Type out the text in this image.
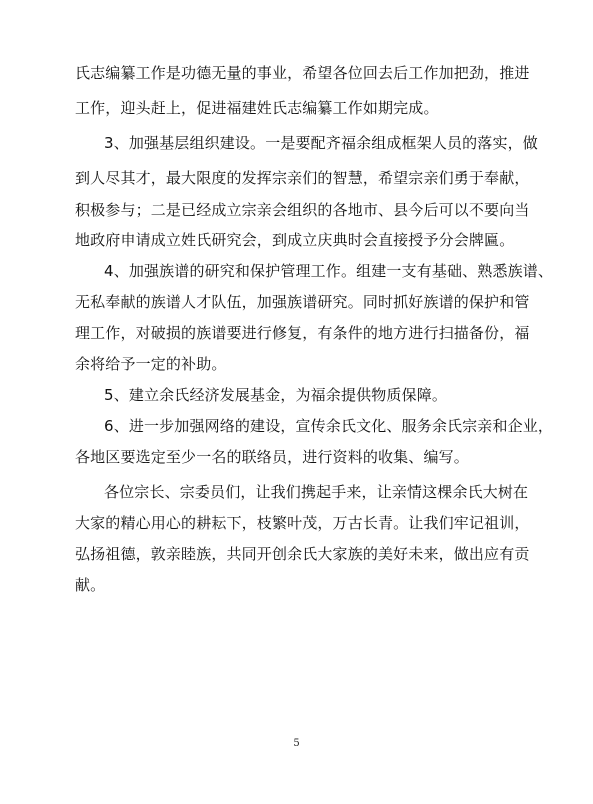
氏志编纂工作是功德无量的事业，希望各位回去后工作加把劲，推进

工作，迎头赶上，促进福建姓氏志编纂工作如期完成。

3、加强基层组织建设。一是要配齐福余组成框架人员的落实，做

到人尽其才，最大限度的发挥宗亲们的智慧，希望宗亲们勇于奉献，

积极参与；二是已经成立宗亲会组织的各地市、县今后可以不要向当

地政府申请成立姓氏研究会，到成立庆典时会直接授予分会牌匾。

4、加强族谱的研究和保护管理工作。组建一支有基础、熟悉族谱、

无私奉献的族谱人才队伍，加强族谱研究。同时抓好族谱的保护和管

理工作，对破损的族谱要进行修复，有条件的地方进行扫描备份，福

余将给予一定的补助。

5、建立余氏经济发展基金，为福余提供物质保障。

6、进一步加强网络的建设，宣传余氏文化、服务余氏宗亲和企业，

各地区要选定至少一名的联络员，进行资料的收集、编写。

各位宗长、宗委员们，让我们携起手来，让亲情这棵余氏大树在

大家的精心用心的耕耘下，枝繁叶茂，万古长青。让我们牢记祖训，

弘扬祖德，敦亲睦族，共同开创余氏大家族的美好未来，做出应有贡

献。

5
